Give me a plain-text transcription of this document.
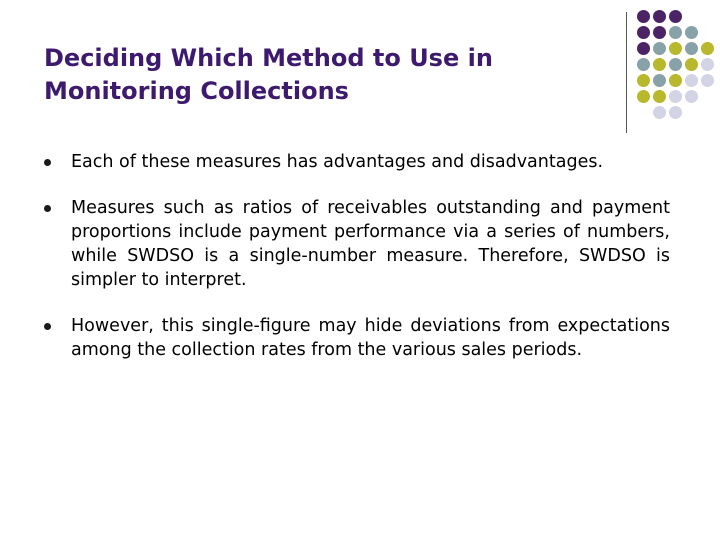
Deciding Which Method to Use in
Monitoring Collections
Each of these measures has advantages and disadvantages.
Measures such as ratios of receivables outstanding and payment proportions include payment performance via a series of numbers, while SWDSO is a single-number measure. Therefore, SWDSO is simpler to interpret.
However, this single-figure may hide deviations from expectations among the collection rates from the various sales periods.
